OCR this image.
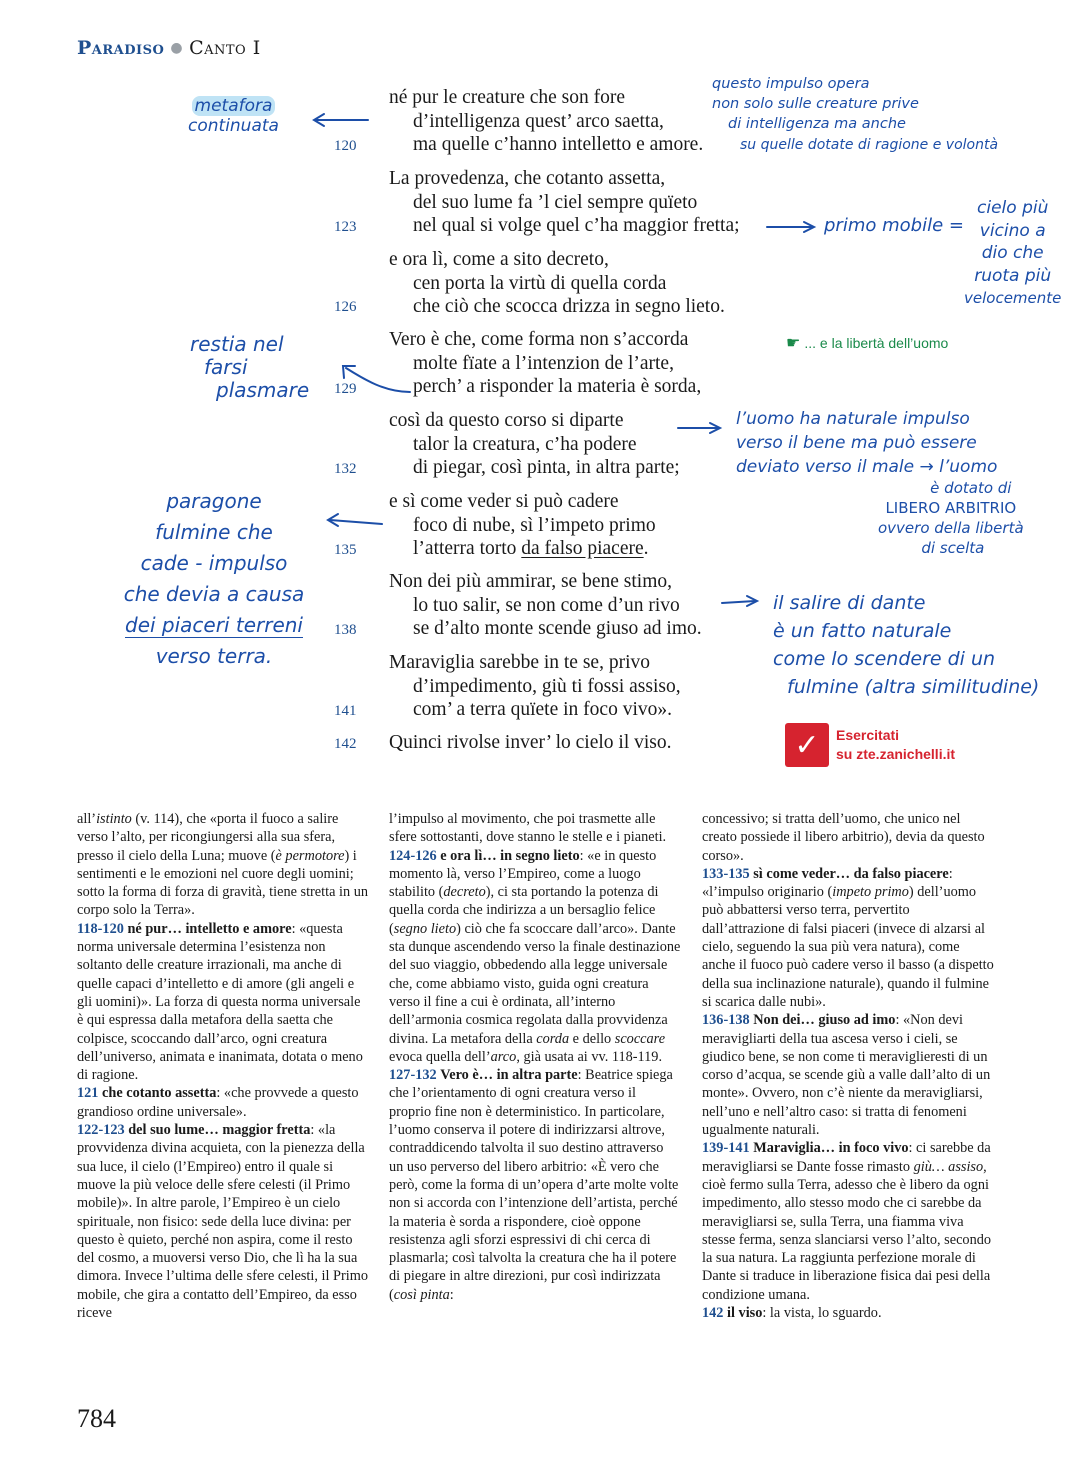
Paradiso ● Canto I
né pur le creature che son fore
d’intelligenza quest’ arco saetta,
ma quelle c’hanno intelletto e amore.
120
La provedenza, che cotanto assetta,
del suo lume fa ’l ciel sempre quïeto
nel qual si volge quel c’ha maggior fretta;
123
e ora lì, come a sito decreto,
cen porta la virtù di quella corda
che ciò che scocca drizza in segno lieto.
126
Vero è che, come forma non s’accorda
molte fïate a l’intenzion de l’arte,
perch’ a risponder la materia è sorda,
129
così da questo corso si diparte
talor la creatura, c’ha podere
di piegar, così pinta, in altra parte;
132
e sì come veder si può cadere
foco di nube, sì l’impeto primo
l’atterra torto da falso piacere.
135
Non dei più ammirar, se bene stimo,
lo tuo salir, se non come d’un rivo
se d’alto monte scende giuso ad imo.
138
Maraviglia sarebbe in te se, privo
d’impedimento, giù ti fossi assiso,
com’ a terra quïete in foco vivo».
141
Quinci rivolse inver’ lo cielo il viso.
142
metafora
continuata
questo impulso opera
non solo sulle creature prive
di intelligenza ma anche
su quelle dotate di ragione e volontà
primo mobile =
cielo più
vicino a
dio che
ruota più
velocemente
restia nel
farsi
plasmare
l’uomo ha naturale impulso
verso il bene ma può essere
deviato verso il male → l’uomo
è dotato di
LIBERO ARBITRIO
ovvero della libertà
di scelta
paragone
fulmine che
cade - impulso
che devia a causa
dei piaceri terreni
verso terra.
il salire di dante
è un fatto naturale
come lo scendere di un
fulmine (altra similitudine)
☛ ... e la libertà dell’uomo
✓	Esercitati
su zte.zanichelli.it

all’istinto (v. 114), che «porta il fuoco a salire verso l’alto, per ricongiungersi alla sua sfera, presso il cielo della Luna; muove (è permotore) i sentimenti e le emozioni nel cuore degli uomini; sotto la forma di forza di gravità, tiene stretta in un corpo solo la Terra».

118-120 né pur… intelletto e amore: «questa norma universale determina l’esistenza non soltanto delle creature irrazionali, ma anche di quelle capaci d’intelletto e di amore (gli angeli e gli uomini)». La forza di questa norma universale è qui espressa dalla metafora della saetta che colpisce, scoccando dall’arco, ogni creatura dell’universo, animata e inanimata, dotata o meno di ragione.

121 che cotanto assetta: «che provvede a questo grandioso ordine universale».

122-123 del suo lume… maggior fretta: «la provvidenza divina acquieta, con la pienezza della sua luce, il cielo (l’Empireo) entro il quale si muove la più veloce delle sfere celesti (il Primo mobile)». In altre parole, l’Empireo è un cielo spirituale, non fisico: sede della luce divina: per questo è quieto, perché non aspira, come il resto del cosmo, a muoversi verso Dio, che lì ha la sua dimora. Invece l’ultima delle sfere celesti, il Primo mobile, che gira a contatto dell’Empireo, da esso riceve

l’impulso al movimento, che poi trasmette alle sfere sottostanti, dove stanno le stelle e i pianeti.

124-126 e ora lì… in segno lieto: «e in questo momento là, verso l’Empireo, come a luogo stabilito (decreto), ci sta portando la potenza di quella corda che indirizza a un bersaglio felice (segno lieto) ciò che fa scoccare dall’arco». Dante sta dunque ascendendo verso la finale destinazione del suo viaggio, obbedendo alla legge universale che, come abbiamo visto, guida ogni creatura verso il fine a cui è ordinata, all’interno dell’armonia cosmica regolata dalla provvidenza divina. La metafora della corda e dello scoccare evoca quella dell’arco, già usata ai vv. 118-119.

127-132 Vero è… in altra parte: Beatrice spiega che l’orientamento di ogni creatura verso il proprio fine non è deterministico. In particolare, l’uomo conserva il potere di indirizzarsi altrove, contraddicendo talvolta il suo destino attraverso un uso perverso del libero arbitrio: «È vero che però, come la forma di un’opera d’arte molte volte non si accorda con l’intenzione dell’artista, perché la materia è sorda a rispondere, cioè oppone resistenza agli sforzi espressivi di chi cerca di plasmarla; così talvolta la creatura che ha il potere di piegare in altre direzioni, pur così indirizzata (così pinta:

concessivo; si tratta dell’uomo, che unico nel creato possiede il libero arbitrio), devia da questo corso».

133-135 sì come veder… da falso piacere: «l’impulso originario (impeto primo) dell’uomo può abbattersi verso terra, pervertito dall’attrazione di falsi piaceri (invece di alzarsi al cielo, seguendo la sua più vera natura), come anche il fuoco può cadere verso il basso (a dispetto della sua inclinazione naturale), quando il fulmine si scarica dalle nubi».

136-138 Non dei… giuso ad imo: «Non devi meravigliarti della tua ascesa verso i cieli, se giudico bene, se non come ti meraviglieresti di un corso d’acqua, se scende giù a valle dall’alto di un monte». Ovvero, non c’è niente da meravigliarsi, nell’uno e nell’altro caso: si tratta di fenomeni ugualmente naturali.

139-141 Maraviglia… in foco vivo: ci sarebbe da meravigliarsi se Dante fosse rimasto giù… assiso, cioè fermo sulla Terra, adesso che è libero da ogni impedimento, allo stesso modo che ci sarebbe da meravigliarsi se, sulla Terra, una fiamma viva stesse ferma, senza slanciarsi verso l’alto, secondo la sua natura. La raggiunta perfezione morale di Dante si traduce in liberazione fisica dai pesi della condizione umana.

142 il viso: la vista, lo sguardo.

784
